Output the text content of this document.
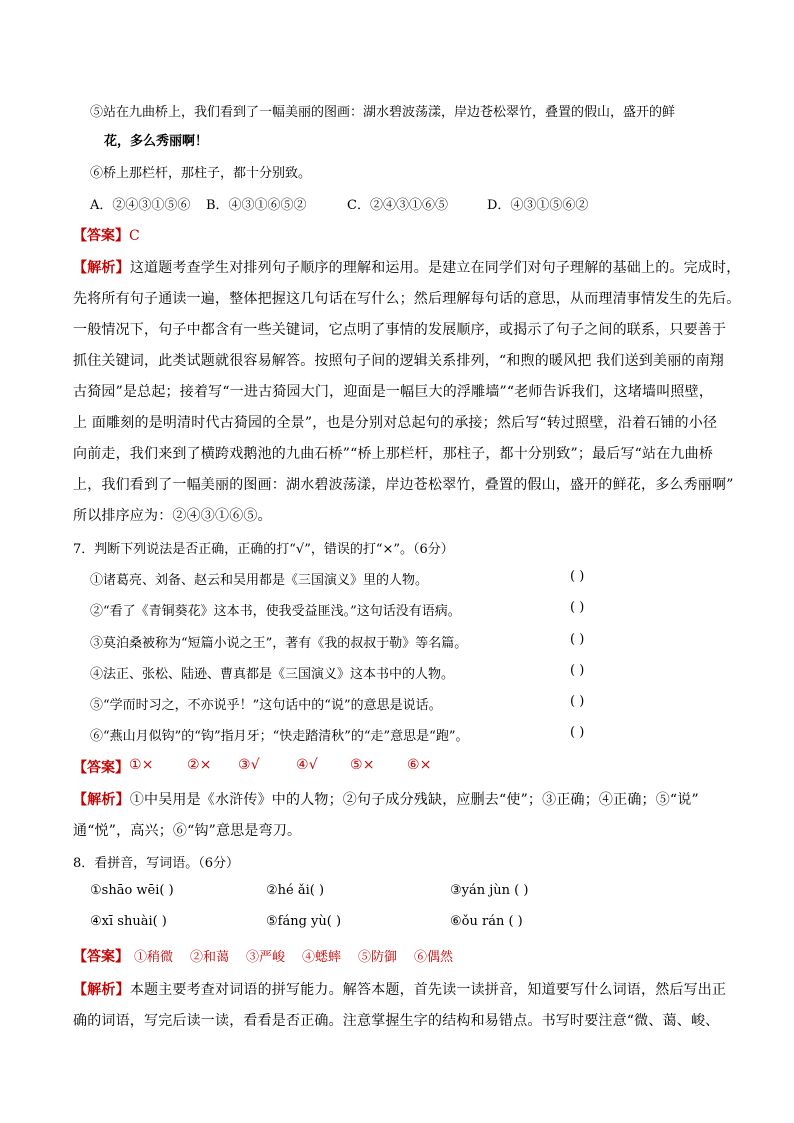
⑤站在九曲桥上，我们看到了一幅美丽的图画：湖水碧波荡漾，岸边苍松翠竹，叠置的假山，盛开的鲜
花，多么秀丽啊！
⑥桥上那栏杆，那柱子，都十分别致。
A．②④③①⑤⑥ B．④③①⑥⑤②	C．②④③①⑥⑤	D．④③①⑤⑥②
【答案】C
【解析】这道题考查学生对排列句子顺序的理解和运用。是建立在同学们对句子理解的基础上的。完成时，
先将所有句子通读一遍，整体把握这几句话在写什么；然后理解每句话的意思，从而理清事情发生的先后。
一般情况下，句子中都含有一些关键词，它点明了事情的发展顺序，或揭示了句子之间的联系，只要善于
抓住关键词，此类试题就很容易解答。按照句子间的逻辑关系排列，“和煦的暖风把 我们送到美丽的南翔
古猗园”是总起；接着写“一进古猗园大门，迎面是一幅巨大的浮雕墙”“老师告诉我们，这堵墙叫照壁，
上 面雕刻的是明清时代古猗园的全景”，也是分别对总起句的承接；然后写“转过照壁，沿着石铺的小径
向前走，我们来到了横跨戏鹅池的九曲石桥”“桥上那栏杆，那柱子，都十分别致”；最后写“站在九曲桥
上，我们看到了一幅美丽的图画：湖水碧波荡漾，岸边苍松翠竹，叠置的假山，盛开的鲜花，多么秀丽啊”
所以排序应为：②④③①⑥⑤。
7．判断下列说法是否正确，正确的打“√”，错误的打“×”。（6分）
①诸葛亮、刘备、赵云和吴用都是《三国演义》里的人物。	( )
②“看了《青铜葵花》这本书，使我受益匪浅。”这句话没有语病。	( )
③莫泊桑被称为“短篇小说之王”，著有《我的叔叔于勒》等名篇。	( )
④法正、张松、陆逊、曹真都是《三国演义》这本书中的人物。	( )
⑤“学而时习之，不亦说乎！”这句话中的“说”的意思是说话。	( )
⑥“燕山月似钩”的“钩”指月牙；“快走踏清秋”的“走”意思是“跑”。	( )
【答案】 ①× ②× ③√	④√ ⑤× ⑥×
【解析】①中吴用是《水浒传》中的人物；②句子成分残缺，应删去“使”；③正确；④正确；⑤“说”
通“悦”，高兴；⑥“钩”意思是弯刀。
8．看拼音，写词语。（6分）
①shāo wēi( )	②hé ǎi( )	③yán jùn ( )
④xī shuài( )	⑤fáng yù( )	⑥ǒu rán ( )
【答案】 ①稍微 ②和蔼 ③严峻 ④蟋蟀 ⑤防御 ⑥偶然
【解析】本题主要考查对词语的拼写能力。解答本题，首先读一读拼音，知道要写什么词语，然后写出正
确的词语，写完后读一读，看看是否正确。注意掌握生字的结构和易错点。书写时要注意“微、蔼、峻、
